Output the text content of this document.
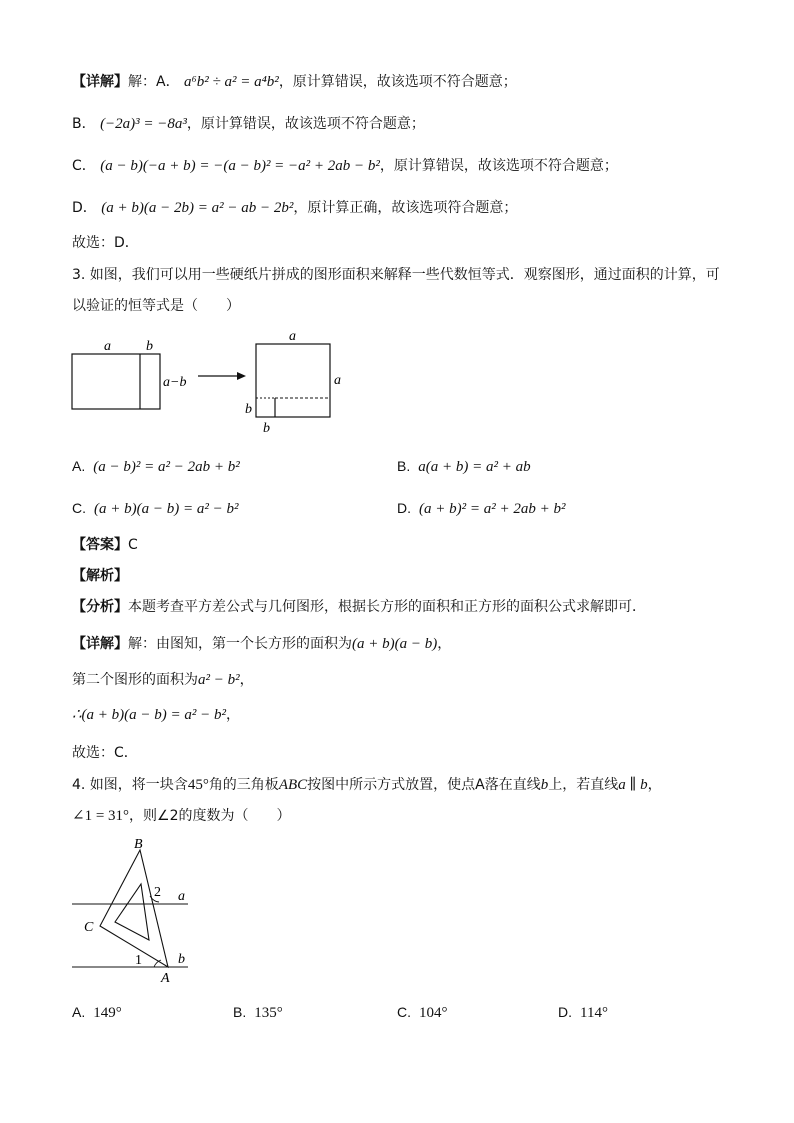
【详解】解：A． a⁶b² ÷ a² = a⁴b²，原计算错误，故该选项不符合题意；
B． (−2a)³ = −8a³，原计算错误，故该选项不符合题意；
C． (a − b)(−a + b) = −(a − b)² = −a² + 2ab − b²，原计算错误，故该选项不符合题意；
D． (a + b)(a − 2b) = a² − ab − 2b²，原计算正确，故该选项符合题意；
故选：D．
3. 如图，我们可以用一些硬纸片拼成的图形面积来解释一些代数恒等式．观察图形，通过面积的计算，可
以验证的恒等式是（　　）
a	b
a−b
a
a
b
b
A. (a − b)² = a² − 2ab + b²	B. a(a + b) = a² + ab
C. (a + b)(a − b) = a² − b²	D. (a + b)² = a² + 2ab + b²
【答案】C
【解析】
【分析】本题考查平方差公式与几何图形，根据长方形的面积和正方形的面积公式求解即可．
【详解】解：由图知，第一个长方形的面积为(a + b)(a − b)，
第二个图形的面积为a² − b²，
∴(a + b)(a − b) = a² − b²，
故选：C．
4. 如图，将一块含45°角的三角板ABC按图中所示方式放置，使点A落在直线b上，若直线a ∥ b，
∠1 = 31°，则∠2的度数为（　　）
B
C
A
2
1
a
b
A. 149°	B. 135°	C. 104°	D. 114°
